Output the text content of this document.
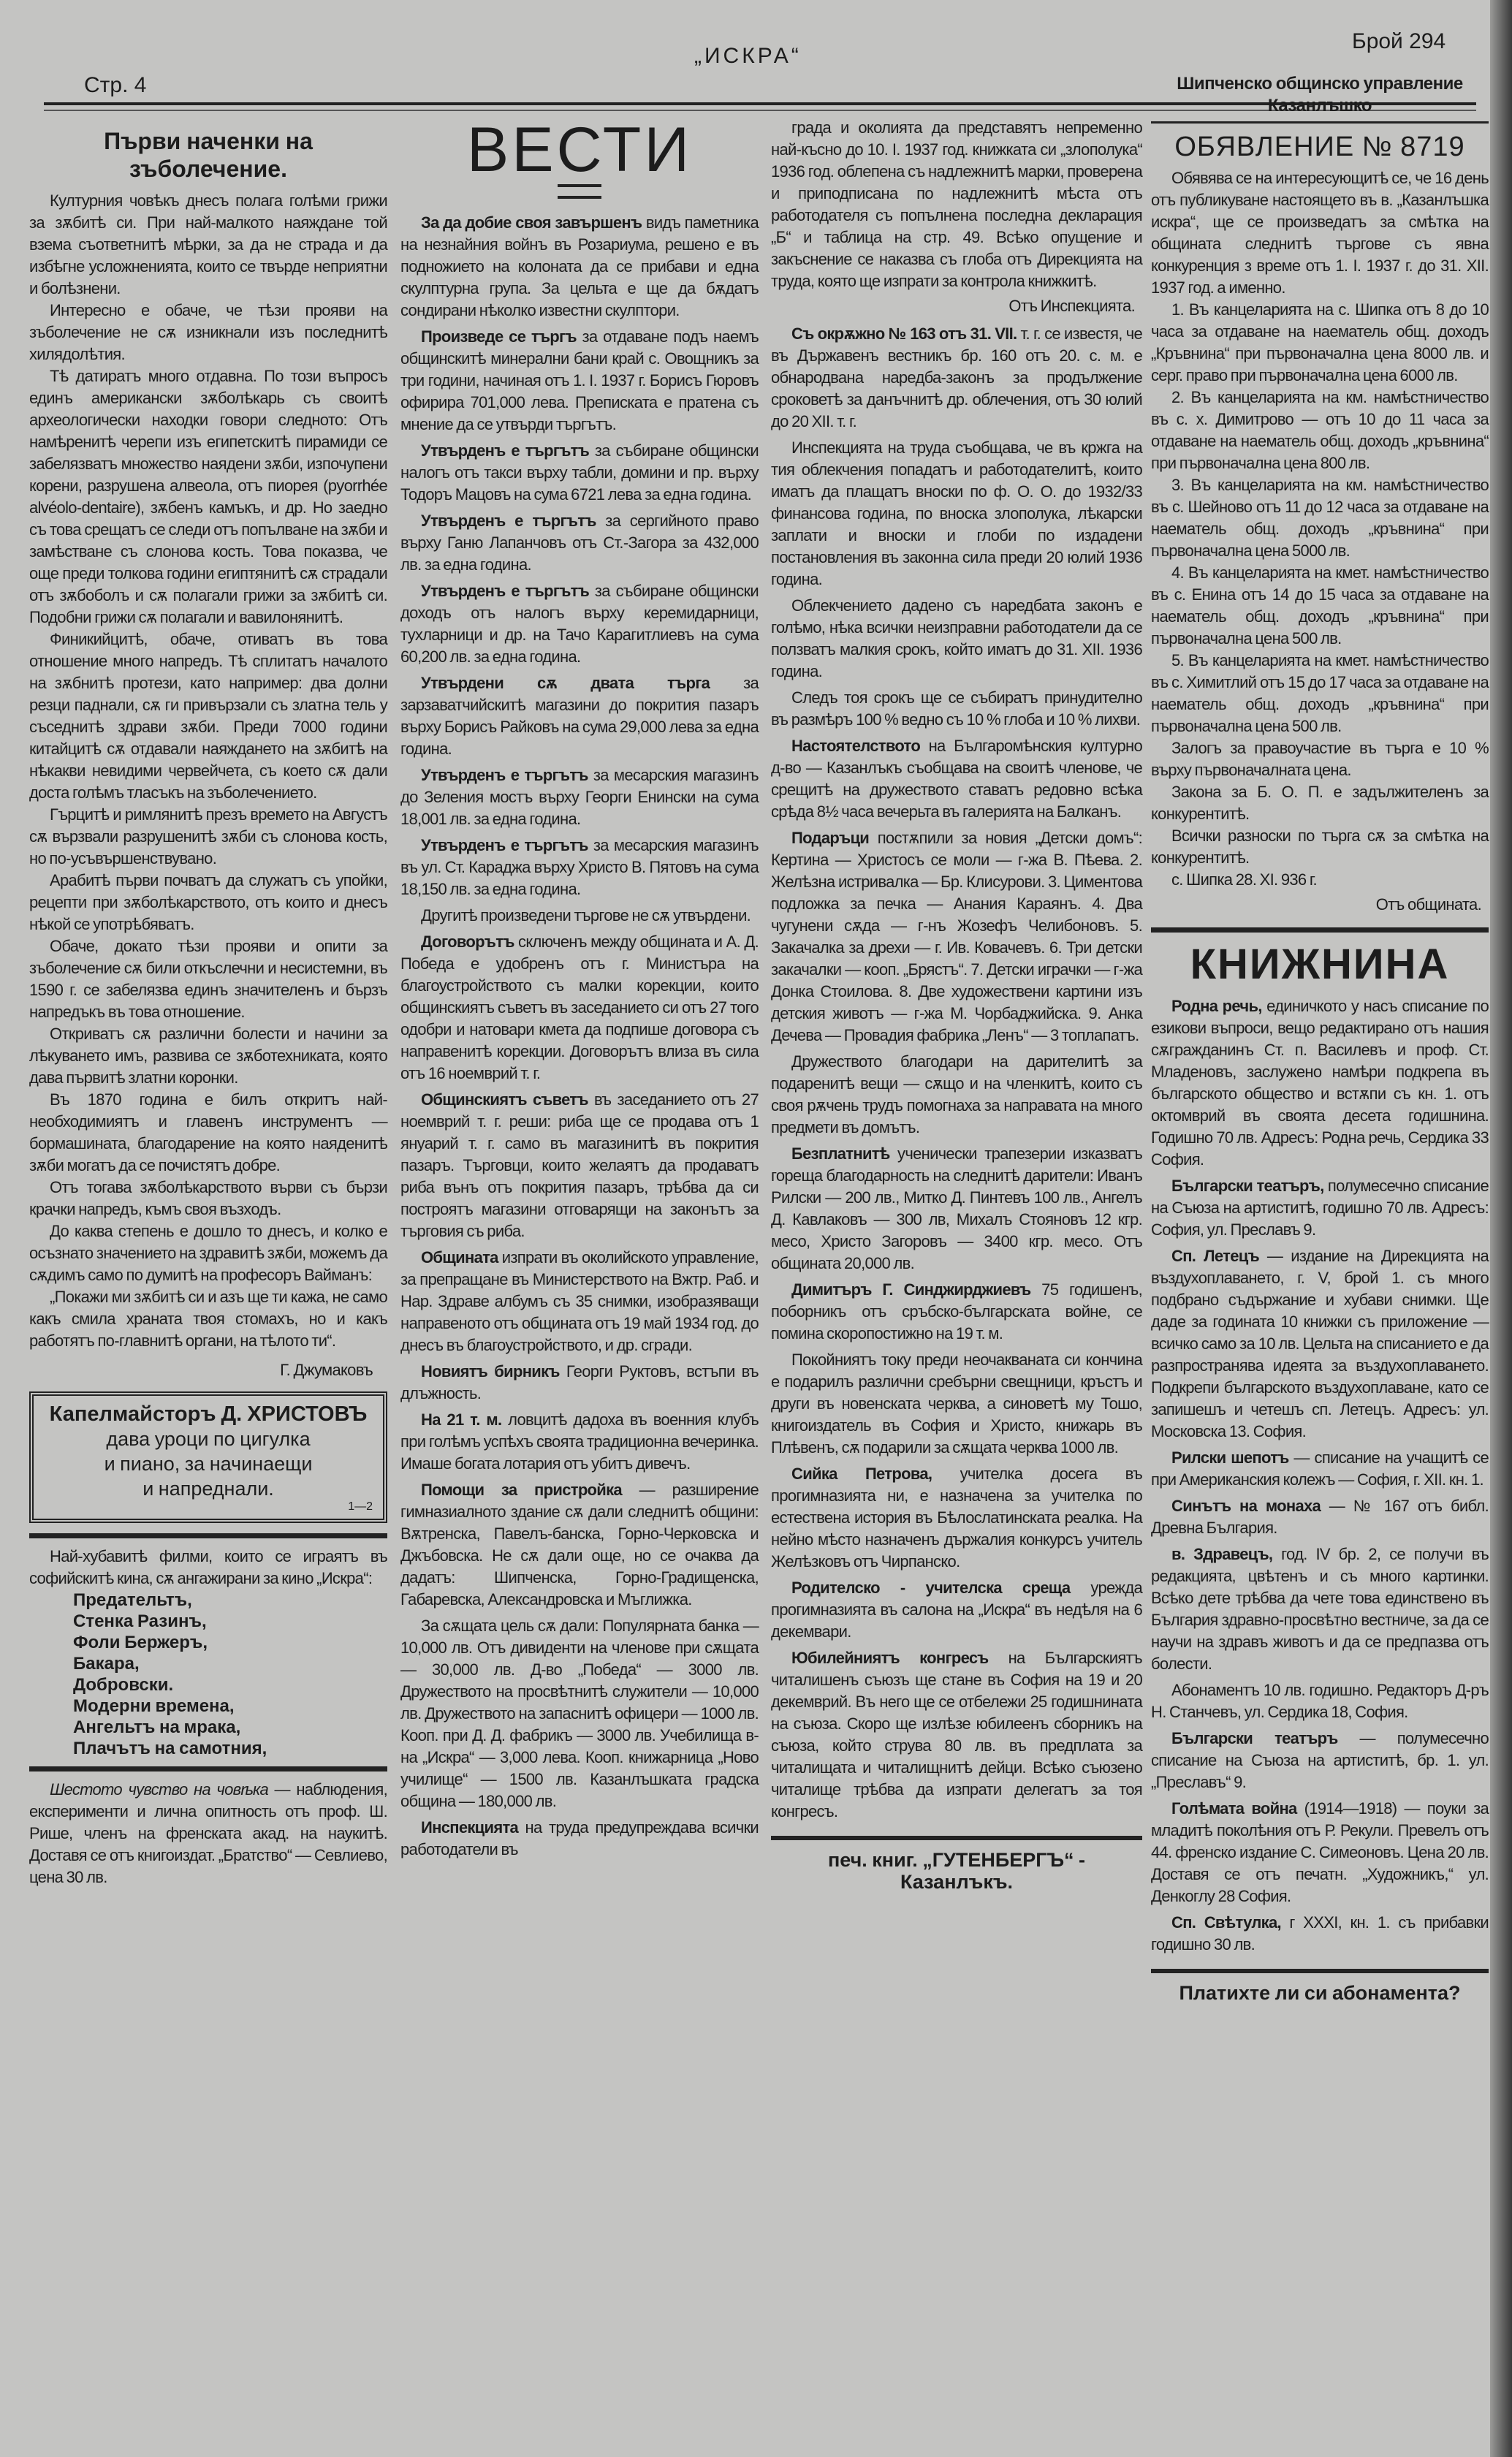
Стр. 4
„ИСКРА“
Брой 294
Първи наченки на зъболечение.

Културния човѣкъ днесъ полага голѣми грижи за зѫбитѣ си. При най-малкото наяждане той взема съответнитѣ мѣрки, за да не страда и да избѣгне усложненията, които се твърде неприятни и болѣзнени.

Интересно е обаче, че тѣзи прояви на зъболечение не сѫ изникнали изъ последнитѣ хилядолѣтия.

Тѣ датиратъ много отдавна. По този въпросъ единъ американски зѫболѣкарь съ своитѣ археологически находки говори следното: Отъ намѣренитѣ черепи изъ египетскитѣ пирамиди се забелязватъ множество наядени зѫби, изпочупени корени, разрушена алвеола, отъ пиорея (pyorrhée alvéolo-dentaire), зѫбенъ камъкъ, и др. Но заедно съ това срещатъ се следи отъ попълване на зѫби и замѣстване съ слонова кость. Това показва, че още преди толкова години египтянитѣ сѫ страдали отъ зѫбоболъ и сѫ полагали грижи за зѫбитѣ си. Подобни грижи сѫ полагали и вавилонянитѣ.

Финикийцитѣ, обаче, отиватъ въ това отношение много напредъ. Тѣ сплитатъ началото на зѫбнитѣ протези, като например: два долни резци паднали, сѫ ги привързали съ златна тель у съседнитѣ здрави зѫби. Преди 7000 години китайцитѣ сѫ отдавали наяждането на зѫбитѣ на нѣкакви невидими червейчета, съ което сѫ дали доста голѣмъ тласъкъ на зъболечението.

Гърцитѣ и римлянитѣ презъ времето на Августъ сѫ вързвали разрушенитѣ зѫби съ слонова кость, но по-усъвършенствувано.

Арабитѣ първи почватъ да служатъ съ упойки, рецепти при зѫболѣкарството, отъ които и днесъ нѣкой се употрѣбяватъ.

Обаче, докато тѣзи прояви и опити за зъболечение сѫ били откъслечни и несистемни, въ 1590 г. се забелязва единъ значителенъ и бързъ напредъкъ въ това отношение.

Откриватъ сѫ различни болести и начини за лѣкуването имъ, развива се зѫботехниката, която дава първитѣ златни коронки.

Въ 1870 година е билъ откритъ най-необходимиятъ и главенъ инструментъ — бормашината, благодарение на която наяденитѣ зѫби могатъ да се почистятъ добре.

Отъ тогава зѫболѣкарството върви съ бързи крачки напредъ, къмъ своя възходъ.

До каква степень е дошло то днесъ, и колко е осъзнато значението на здравитѣ зѫби, можемъ да сѫдимъ само по думитѣ на професоръ Вайманъ:

„Покажи ми зѫбитѣ си и азъ ще ти кажа, не само какъ смила храната твоя стомахъ, но и какъ работятъ по-главнитѣ органи, на тѣлото ти“.

Г. Джумаковъ
Капелмайсторъ Д. ХРИСТОВЪ
дава уроци по цигулка
и пиано, за начинаещи
и напреднали.
1—2

Най-хубавитѣ филми, които се играятъ въ софийскитѣ кина, сѫ ангажирани за кино „Искра“:

Предательтъ,
Стенка Разинъ,
Фоли Бержеръ,
Бакара,
Добровски.
Модерни времена,
Ангельтъ на мрака,
Плачътъ на самотния,

Шестото чувство на човѣка — наблюдения, експерименти и лична опитность отъ проф. Ш. Рише, членъ на френската акад. на наукитѣ. Доставя се отъ книгоиздат. „Братство“ — Севлиево, цена 30 лв.

ВЕСТИ

За да добие своя завършенъ видъ паметника на незнайния войнъ въ Розариума, решено е въ подножието на колоната да се прибави и една скулптурна група. За цельта е ще да бѫдатъ сондирани нѣколко известни скулптори.

Произведе се търгъ за отдаване подъ наемъ общинскитѣ минерални бани край с. Овощникъ за три години, начиная отъ 1. I. 1937 г. Борисъ Гюровъ офирира 701,000 лева. Преписката е пратена съ мнение да се утвърди търгътъ.

Утвърденъ е търгътъ за събиране общински налогъ отъ такси върху табли, домини и пр. върху Тодоръ Мацовъ на сума 6721 лева за една година.

Утвърденъ е търгътъ за сергийното право върху Ганю Лапанчовъ отъ Ст.-Загора за 432,000 лв. за една година.

Утвърденъ е търгътъ за събиране общински доходъ отъ налогъ върху керемидарници, тухларници и др. на Тачо Карагитлиевъ на сума 60,200 лв. за една година.

Утвърдени сѫ двата търга за зарзаватчийскитѣ магазини до покрития пазаръ върху Борисъ Райковъ на сума 29,000 лева за една година.

Утвърденъ е търгътъ за месарския магазинъ до Зеления мостъ върху Георги Енински на сума 18,001 лв. за една година.

Утвърденъ е търгътъ за месарския магазинъ въ ул. Ст. Караджа върху Христо В. Пятовъ на сума 18,150 лв. за една година.

Другитѣ произведени търгове не сѫ утвърдени.

Договорътъ сключенъ между общината и А. Д. Победа е удобренъ отъ г. Министъра на благоустройството съ малки корекции, които общинскиятъ съветъ въ заседанието си отъ 27 того одобри и натовари кмета да подпише договора съ направенитѣ корекции. Договорътъ влиза въ сила отъ 16 ноемврий т. г.

Общинскиятъ съветъ въ заседанието отъ 27 ноемврий т. г. реши: риба ще се продава отъ 1 януарий т. г. само въ магазинитѣ въ покрития пазаръ. Търговци, които желаятъ да продаватъ риба вънъ отъ покрития пазаръ, трѣбва да си построятъ магазини отговарящи на законътъ за търговия съ риба.

Общината изпрати въ околийското управление, за препращане въ Министерството на Вжтр. Раб. и Нар. Здраве албумъ съ 35 снимки, изобразяващи направеното отъ общината отъ 19 май 1934 год. до днесъ въ благоустройството, и др. сгради.

Новиятъ бирникъ Георги Руктовъ, встъпи въ длъжность.

На 21 т. м. ловцитѣ дадоха въ военния клубъ при голѣмъ успѣхъ своята традиционна вечеринка. Имаше богата лотария отъ убитъ дивечъ.

Помощи за пристройка — разширение гимназиалното здание сѫ дали следнитѣ общини: Вѫтренска, Павелъ-банска, Горно-Черковска и Джъбовска. Не сѫ дали още, но се очаква да дадатъ: Шипченска, Горно-Градищенска, Габаревска, Александровска и Мъглижка.

За сѫщата цель сѫ дали: Популярната банка — 10,000 лв. Отъ дивиденти на членове при сѫщата — 30,000 лв. Д-во „Победа“ — 3000 лв. Дружеството на просвѣтнитѣ служители — 10,000 лв. Дружеството на запаснитѣ офицери — 1000 лв. Кооп. при Д. Д. фабрикъ — 3000 лв. Учебилища в-на „Искра“ — 3,000 лева. Кооп. книжарница „Ново училище“ — 1500 лв. Казанлъшката градска община — 180,000 лв.

Инспекцията на труда предупреждава всички работодатели въ

града и околията да представятъ непременно най-късно до 10. I. 1937 год. книжката си „злополука“ 1936 год. облепена съ надлежнитѣ марки, проверена и приподписана по надлежнитѣ мѣста отъ работодателя съ попълнена последна декларация „Б“ и таблица на стр. 49. Всѣко опущение и закъснение се наказва съ глоба отъ Дирекцията на труда, която ще изпрати за контрола книжкитѣ.

Отъ Инспекцията.

Съ окрѫжно № 163 отъ 31. VII. т. г. се известя, че въ Държавенъ вестникъ бр. 160 отъ 20. с. м. е обнародвана наредба-законъ за продължение сроковетѣ за данъчнитѣ др. облечения, отъ 30 юлий до 20 XII. т. г.

Инспекцията на труда съобщава, че въ кржга на тия облекчения попадатъ и работодателитѣ, които иматъ да плащатъ вноски по ф. О. О. до 1932/33 финансова година, по вноска злополука, лѣкарски заплати и вноски и глоби по издадени постановления въ законна сила преди 20 юлий 1936 година.

Облекчението дадено съ наредбата законъ е голѣмо, нѣка всички неизправни работодатели да се ползватъ малкия срокъ, който иматъ до 31. XII. 1936 година.

Следъ тоя срокъ ще се събиратъ принудително въ размѣръ 100 % ведно съ 10 % глоба и 10 % лихви.

Настоятелството на Българомѣнския културно д-во — Казанлъкъ съобщава на своитѣ членове, че срещитѣ на дружеството ставатъ редовно всѣка срѣда 8½ часа вечерьта въ галерията на Балканъ.

Подаръци постѫпили за новия „Детски домъ“: Кертина — Христосъ се моли — г-жа В. Пѣева. 2. Желѣзна истривалка — Бр. Клисурови. 3. Циментова подложка за печка — Анания Караянъ. 4. Два чугунени сѫда — г-нъ Жозефъ Челибоновъ. 5. Закачалка за дрехи — г. Ив. Ковачевъ. 6. Три детски закачалки — кооп. „Брястъ“. 7. Детски играчки — г-жа Донка Стоилова. 8. Две художествени картини изъ детския животъ — г-жа М. Чорбаджийска. 9. Анка Дечева — Провадия фабрика „Ленъ“ — 3 топлапатъ.

Дружеството благодари на дарителитѣ за подаренитѣ вещи — сѫщо и на членкитѣ, които съ своя рѫчень трудъ помогнаха за направата на много предмети въ домътъ.

Безплатнитѣ ученически трапезерии изказватъ гореща благодарность на следнитѣ дарители: Иванъ Рилски — 200 лв., Митко Д. Пинтевъ 100 лв., Ангелъ Д. Кавлаковъ — 300 лв, Михалъ Стояновъ 12 кгр. месо, Христо Загоровъ — 3400 кгр. месо. Отъ общината 20,000 лв.

Димитъръ Г. Синджирджиевъ 75 годишенъ, поборникъ отъ сръбско-българската войне, се помина скоропостижно на 19 т. м.

Покойниятъ току преди неочакваната си кончина е подарилъ различни сребърни свещници, кръстъ и други въ новенската черква, а синоветѣ му Тошо, книгоиздатель въ София и Христо, книжарь въ Плѣвенъ, сѫ подарили за сѫщата черква 1000 лв.

Сийка Петрова, учителка досега въ прогимназията ни, е назначена за учителка по естествена история въ Бѣлослатинската реалка. На нейно мѣсто назначенъ държалия конкурсъ учитель Желѣзковъ отъ Чирпанско.

Родителско - учителска среща урежда прогимназията въ салона на „Искра“ въ недѣля на 6 декемвари.

Юбилейниятъ конгресъ на Българскиятъ читалишенъ съюзъ ще стане въ София на 19 и 20 декемврий. Въ него ще се отбележи 25 годишнината на съюза. Скоро ще излѣзе юбилеенъ сборникъ на съюза, който струва 80 лв. въ предплата за читалищата и читалищнитѣ дейци. Всѣко съюзено читалище трѣбва да изпрати делегатъ за тоя конгресъ.

печ. книг. „ГУТЕНБЕРГЪ“ - Казанлъкъ.
Шипченско общинско управление Казанлъшко
ОБЯВЛЕНИЕ № 8719

Обявява се на интересующитѣ се, че 16 день отъ публикуване настоящето въ в. „Казанлъшка искра“, ще се произведатъ за смѣтка на общината следнитѣ търгове съ явна конкуренция з време отъ 1. I. 1937 г. до 31. XII. 1937 год. а именно.

1. Въ канцеларията на с. Шипка отъ 8 до 10 часа за отдаване на наематель общ. доходъ „Кръвнина“ при първоначална цена 8000 лв. и серг. право при първоначална цена 6000 лв.

2. Въ канцеларията на км. намѣстничество въ с. х. Димитрово — отъ 10 до 11 часа за отдаване на наематель общ. доходъ „кръвнина“ при първоначална цена 800 лв.

3. Въ канцеларията на км. намѣстничество въ с. Шейново отъ 11 до 12 часа за отдаване на наематель общ. доходъ „кръвнина“ при първоначална цена 5000 лв.

4. Въ канцеларията на кмет. намѣстничество въ с. Енина отъ 14 до 15 часа за отдаване на наематель общ. доходъ „кръвнина“ при първоначална цена 500 лв.

5. Въ канцеларията на кмет. намѣстничество въ с. Химитлий отъ 15 до 17 часа за отдаване на наематель общ. доходъ „кръвнина“ при първоначална цена 500 лв.

Залогъ за правоучастие въ търга е 10 % върху първоначалната цена.

Закона за Б. О. П. е задължителенъ за конкурентитѣ.

Всички разноски по търга сѫ за смѣтка на конкурентитѣ.

с. Шипка 28. XI. 936 г.

Отъ общината.
КНИЖНИНА

Родна речь, единичкото у насъ списание по езикови въпроси, вещо редактирано отъ нашия сѫгражданинъ Ст. п. Василевъ и проф. Ст. Младеновъ, заслужено намѣри подкрепа въ българското общество и встѫпи съ кн. 1. отъ октомврий въ своята десета годишнина. Годишно 70 лв. Адресъ: Родна речь, Сердика 33 София.

Български театъръ, полумесечно списание на Съюза на артиститѣ, годишно 70 лв. Адресъ: София, ул. Преславъ 9.

Сп. Летецъ — издание на Дирекцията на въздухоплаването, г. V, брой 1. съ много подбрано съдържание и хубави снимки. Ще даде за годината 10 книжки съ приложение — всичко само за 10 лв. Цельта на списанието е да разпространява идеята за въздухоплаването. Подкрепи българското въздухоплаване, като се запишешъ и четешъ сп. Летецъ. Адресъ: ул. Московска 13. София.

Рилски шепотъ — списание на учащитѣ се при Американския колежъ — София, г. XII. кн. 1.

Синътъ на монаха — № 167 отъ библ. Древна България.

в. Здравецъ, год. IV бр. 2, се получи въ редакцията, цвѣтенъ и съ много картинки. Всѣко дете трѣбва да чете това единствено въ България здравно-просвѣтно вестниче, за да се научи на здравъ животъ и да се предпазва отъ болести.

Абонаментъ 10 лв. годишно. Редакторъ Д-ръ Н. Станчевъ, ул. Сердика 18, София.

Български театъръ — полумесечно списание на Съюза на артиститѣ, бр. 1. ул. „Преславъ“ 9.

Голѣмата война (1914—1918) — поуки за младитѣ поколѣния отъ Р. Рекули. Превелъ отъ 44. френско издание С. Симеоновъ. Цена 20 лв. Доставя се отъ печатн. „Художникъ,“ ул. Денкоглу 28 София.

Сп. Свѣтулка, г XXXI, кн. 1. съ прибавки годишно 30 лв.

Платихте ли си абонамента?
